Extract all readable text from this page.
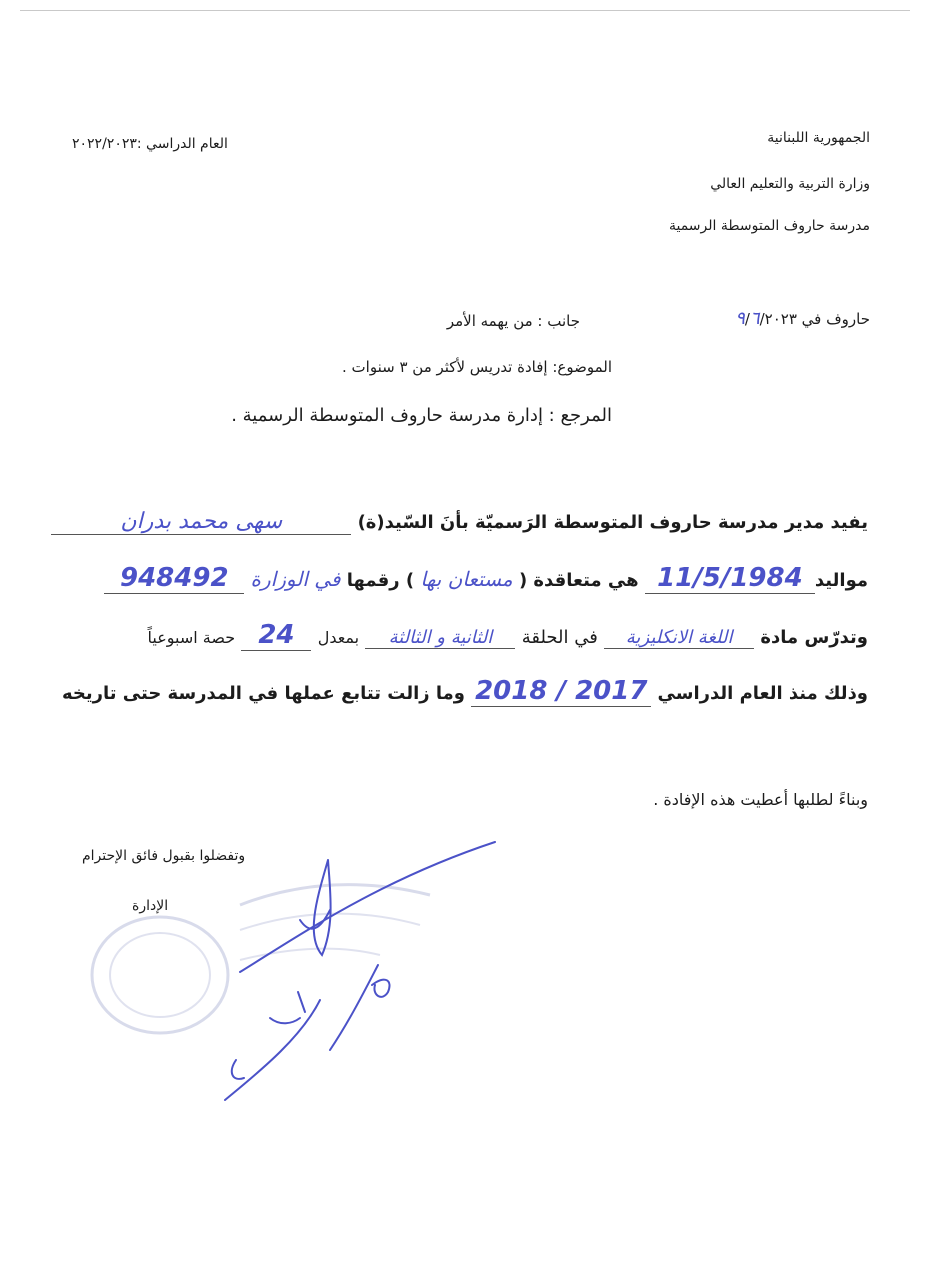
الجمهورية اللبنانية
وزارة التربية والتعليم العالي
مدرسة حاروف المتوسطة الرسمية
العام الدراسي :٢٠٢٢/٢٠٢٣
حاروف في ٩/٦/٢٠٢٣
جانب : من يهمه الأمر
الموضوع: إفادة تدريس لأكثر من ٣ سنوات .
المرجع : إدارة مدرسة حاروف المتوسطة الرسمية .
يفيد مدير مدرسة حاروف المتوسطة الرَسميّة بأنَ السّيد(ة) سهى محمد بدران
مواليد11/5/1984 هي متعاقدة ( مستعان بها ) رقمها في الوزارة 948492
وتدرّس مادة اللغة الانكليزية في الحلقة الثانية و الثالثة بمعدل 24 حصة اسبوعياً
وذلك منذ العام الدراسي 2017 / 2018 وما زالت تتابع عملها في المدرسة حتى تاريخه
وبناءً لطلبها أعطيت هذه الإفادة .
وتفضلوا بقبول فائق الإحترام
الإدارة
